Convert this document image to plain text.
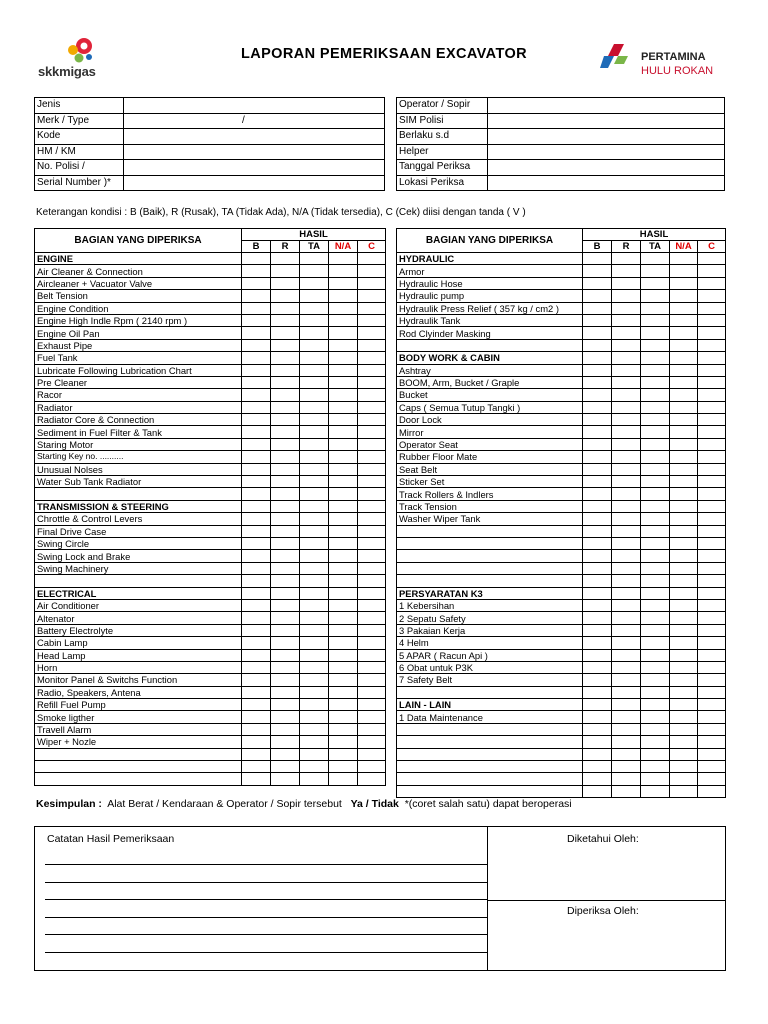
skkmigas
LAPORAN PEMERIKSAAN EXCAVATOR	PERTAMINA
HULU ROKAN
Jenis	
Merk / Type	/
Kode	
HM / KM	
No. Polisi /	
Serial Number )*	
Operator / Sopir	
SIM Polisi	
Berlaku s.d	
Helper	
Tanggal Periksa	
Lokasi Periksa	
Keterangan kondisi : B (Baik), R (Rusak), TA (Tidak Ada), N/A (Tidak tersedia), C (Cek) diisi dengan tanda ( V )
BAGIAN YANG DIPERIKSA	HASIL				
	B	R	TA	N/A	C
ENGINE					
Air Cleaner & Connection					
Aircleaner + Vacuator Valve					
Belt Tension					
Engine Condition					
Engine High Indle Rpm ( 2140 rpm )					
Engine Oil Pan					
Exhaust Pipe					
Fuel Tank					
Lubricate Following Lubrication Chart					
Pre Cleaner					
Racor					
Radiator					
Radiator Core & Connection					
Sediment in Fuel Filter & Tank					
Staring Motor					
Starting Key no. ..........					
Unusual Nolses					
Water Sub Tank Radiator					

TRANSMISSION & STEERING					
Chrottle & Control Levers					
Final Drive Case					
Swing Circle					
Swing Lock and Brake					
Swing Machinery					

ELECTRICAL					
Air Conditioner					
Altenator					
Battery Electrolyte					
Cabin Lamp					
Head Lamp					
Horn					
Monitor Panel & Switchs Function					
Radio, Speakers, Antena					
Refill Fuel Pump					
Smoke ligther					
Travell Alarm					
Wiper + Nozle					

BAGIAN YANG DIPERIKSA	HASIL				
	B	R	TA	N/A	C
HYDRAULIC					
Armor					
Hydraulic Hose					
Hydraulic pump					
Hydraulik Press Relief ( 357 kg / cm2 )					
Hydraulik Tank					
Rod Clyinder Masking					

BODY WORK & CABIN					
Ashtray					
BOOM, Arm, Bucket / Graple					
Bucket					
Caps ( Semua Tutup Tangki )					
Door Lock					
Mirror					
Operator Seat					
Rubber Floor Mate					
Seat Belt					
Sticker Set					
Track Rollers & Indlers					
Track Tension					
Washer Wiper Tank					

PERSYARATAN K3					
1 Kebersihan					
2 Sepatu Safety					
3 Pakaian Kerja					
4 Helm					
5 APAR ( Racun Api )					
6 Obat untuk P3K					
7 Safety Belt					

LAIN - LAIN					
1 Data Maintenance					

Kesimpulan : Alat Berat / Kendaraan & Operator / Sopir tersebut Ya / Tidak *(coret salah satu) dapat beroperasi
Catatan Hasil Pemeriksaan	Diketahui Oleh:
Diperiksa Oleh:
